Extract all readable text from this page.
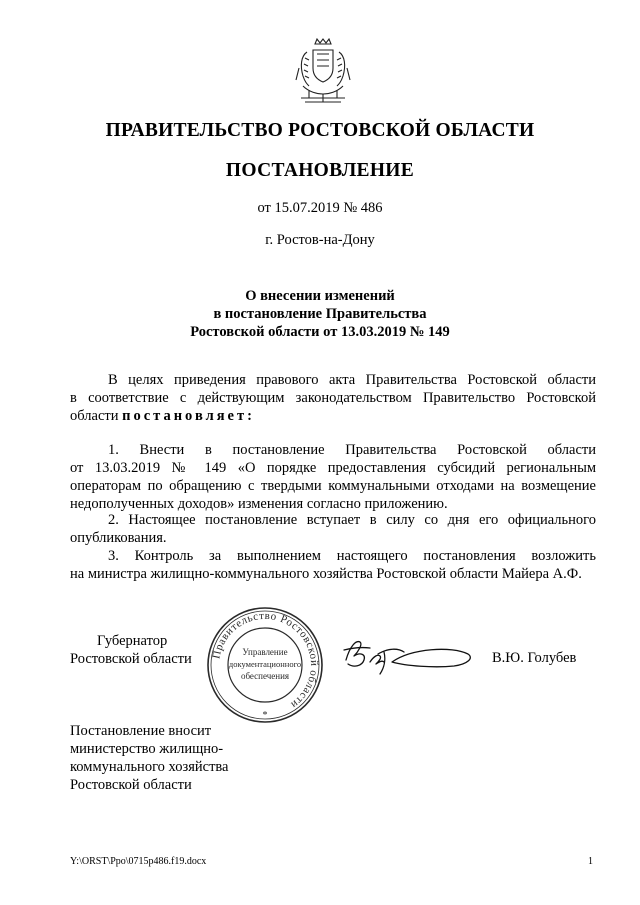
ПРАВИТЕЛЬСТВО РОСТОВСКОЙ ОБЛАСТИ
ПОСТАНОВЛЕНИЕ
от 15.07.2019 № 486
г. Ростов-на-Дону
О внесении изменений
в постановление Правительства
Ростовской области от 13.03.2019 № 149
В целях приведения правового акта Правительства Ростовской области
в соответствие с действующим законодательством Правительство Ростовской
области постановляет:
1. Внести в постановление Правительства Ростовской области
от 13.03.2019 № 149 «О порядке предоставления субсидий региональным
операторам по обращению с твердыми коммунальными отходами на возмещение
недополученных доходов» изменения согласно приложению.
2. Настоящее постановление вступает в силу со дня его официального
опубликования.
3. Контроль за выполнением настоящего постановления возложить
на министра жилищно-коммунального хозяйства Ростовской области Майера А.Ф.
Губернатор
Ростовской области Правительство Ростовской области
Управление
документационного
обеспечения
*
В.Ю. Голубев
Постановление вносит
министерство жилищно-
коммунального хозяйства
Ростовской области
Y:\ORST\Ppo\0715p486.f19.docx	1
